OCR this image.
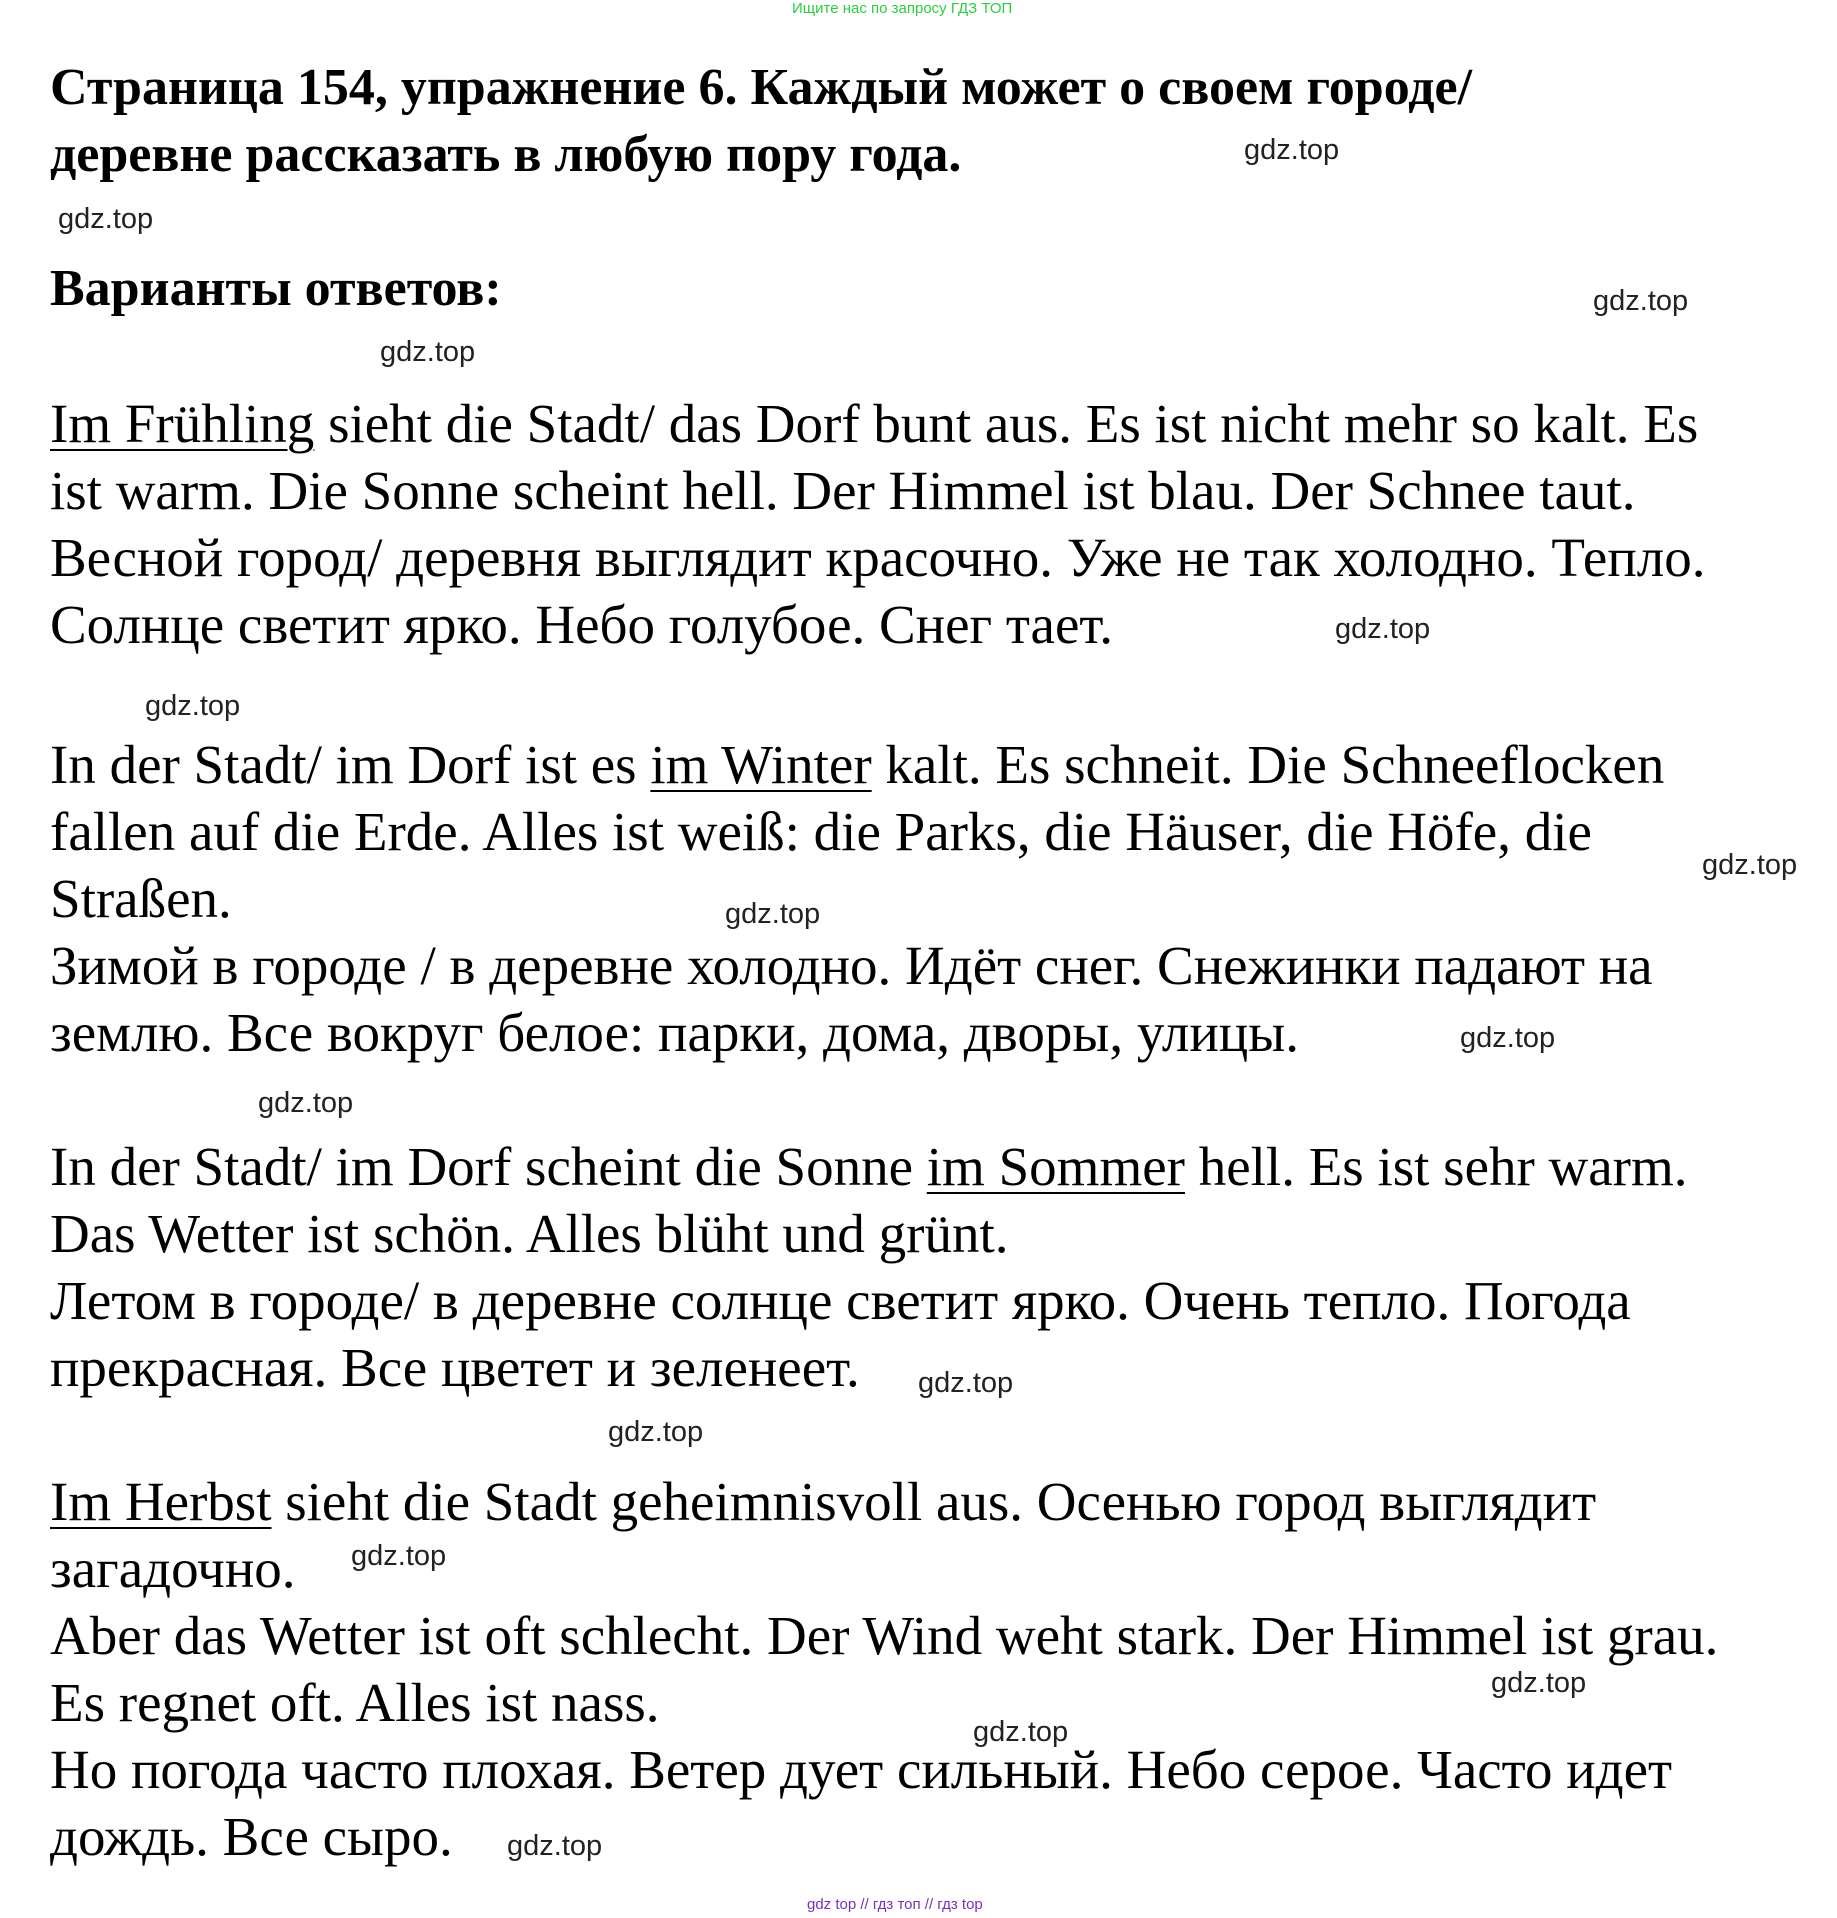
Ищите нас по запросу ГДЗ ТОП
Страница 154, упражнение 6. Каждый может о своем городе/
деревне рассказать в любую пору года.
Варианты ответов:
gdz.top
gdz.top
gdz.top
gdz.top
gdz.top
gdz.top
gdz.top
gdz.top
gdz.top
gdz.top
gdz.top
gdz.top
gdz.top
gdz.top
gdz.top
gdz.top
Im Frühling sieht die Stadt/ das Dorf bunt aus. Es ist nicht mehr so kalt. Es
ist warm. Die Sonne scheint hell. Der Himmel ist blau. Der Schnee taut.
Весной город/ деревня выглядит красочно. Уже не так холодно. Тепло.
Солнце светит ярко. Небо голубое. Снег тает.
In der Stadt/ im Dorf ist es im Winter kalt. Es schneit. Die Schneeflocken
fallen auf die Erde. Alles ist weiß: die Parks, die Häuser, die Höfe, die
Straßen.
Зимой в городе / в деревне холодно. Идёт снег. Снежинки падают на
землю. Все вокруг белое: парки, дома, дворы, улицы.
In der Stadt/ im Dorf scheint die Sonne im Sommer hell. Es ist sehr warm.
Das Wetter ist schön. Alles blüht und grünt.
Летом в городе/ в деревне солнце светит ярко. Очень тепло. Погода
прекрасная. Все цветет и зеленеет.
Im Herbst sieht die Stadt geheimnisvoll aus. Осенью город выглядит
загадочно.
Aber das Wetter ist oft schlecht. Der Wind weht stark. Der Himmel ist grau.
Es regnet oft. Alles ist nass.
Но погода часто плохая. Ветер дует сильный. Небо серое. Часто идет
дождь. Все сыро.
gdz top // гдз топ // гдз top
